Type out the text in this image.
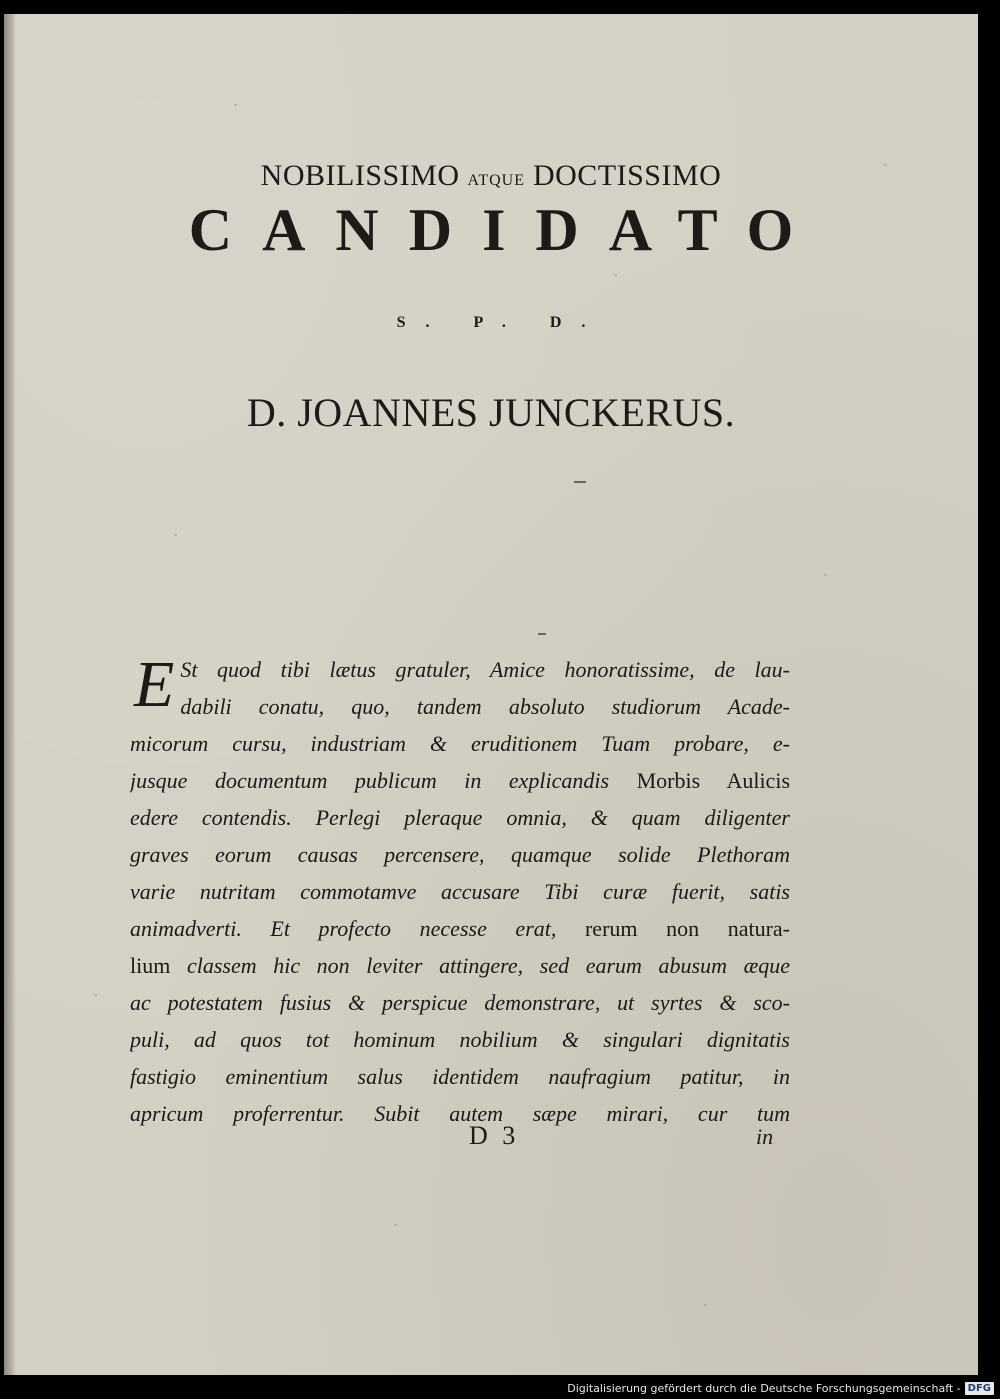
NOBILISSIMO ATQUE DOCTISSIMO
CANDIDATO
S. P. D.
D. JOANNES JUNCKERUS.
E St quod tibi lætus gratuler, Amice honoratissime, de lau-
dabili conatu, quo, tandem absoluto studiorum Acade-
micorum cursu, industriam & eruditionem Tuam probare, e-
jusque documentum publicum in explicandis Morbis Aulicis
edere contendis. Perlegi pleraque omnia, & quam diligenter
graves eorum causas percensere, quamque solide Plethoram
varie nutritam commotamve accusare Tibi curæ fuerit, satis
animadverti. Et profecto necesse erat, rerum non natura-
lium classem hic non leviter attingere, sed earum abusum æque
ac potestatem fusius & perspicue demonstrare, ut syrtes & sco-
puli, ad quos tot hominum nobilium & singulari dignitatis
fastigio eminentium salus identidem naufragium patitur, in
apricum proferrentur. Subit autem sæpe mirari, cur tum
D 3	in
Digitalisierung gefördert durch die Deutsche Forschungsgemeinschaft - DFG
